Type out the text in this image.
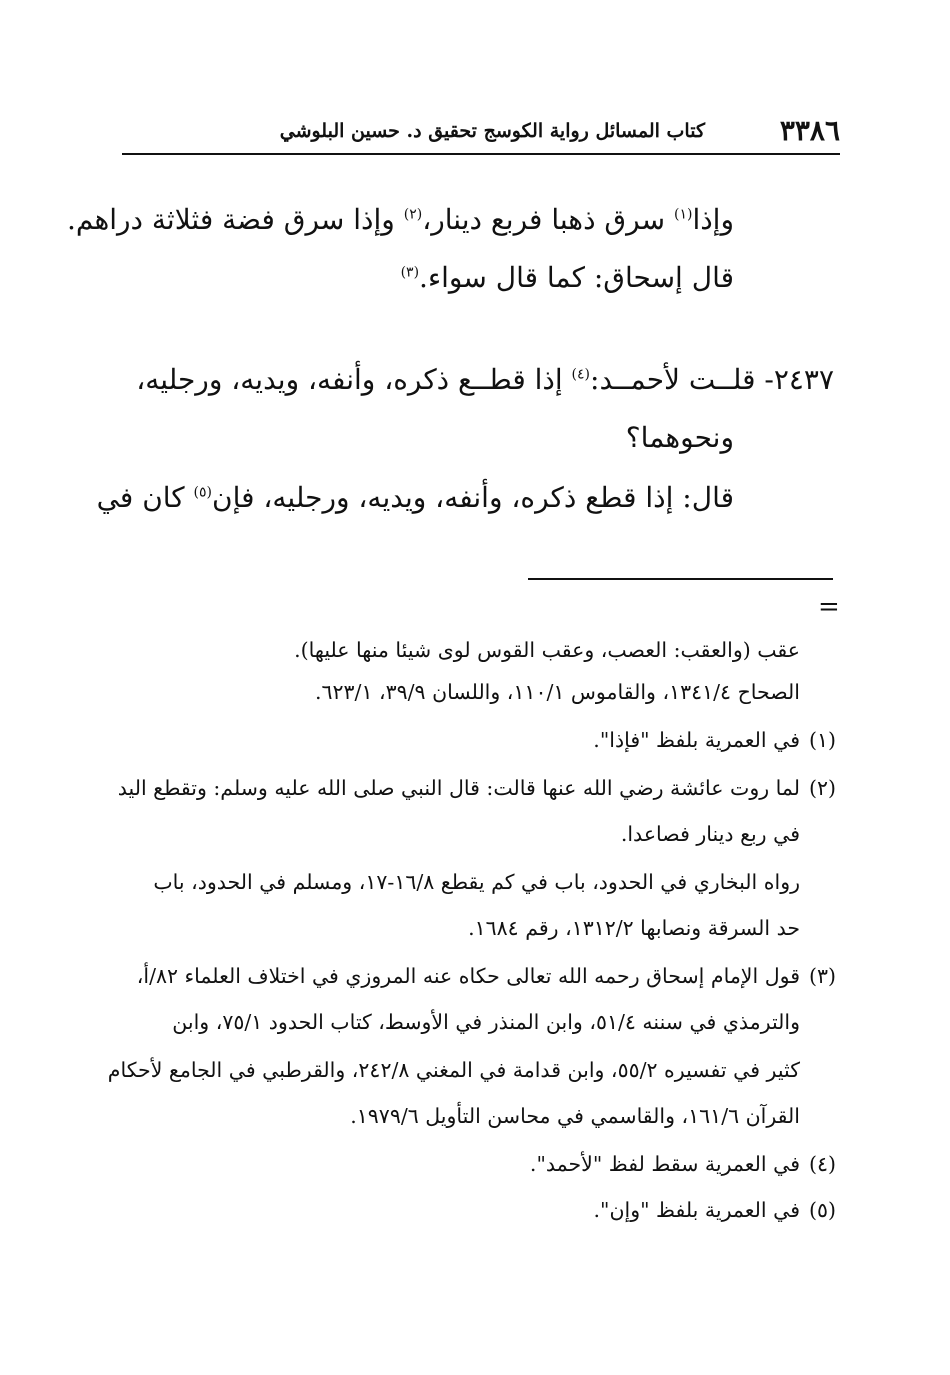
٣٣٨٦
كتاب المسائل رواية الكوسج تحقيق د. حسين البلوشي
وإذا$^{(١)}$ سرق ذهبا فربع دينار،$^{(٢)}$ وإذا سرق فضة فثلاثة دراهم.
قال إسحاق: كما قال سواء.$^{(٣)}$
٢٤٣٧- قلــت لأحمــد:$^{(٤)}$ إذا قطــع ذكره، وأنفه، ويديه، ورجليه،
ونحوهما؟
قال: إذا قطع ذكره، وأنفه، ويديه، ورجليه، فإن$^{(٥)}$ كان في
=
عقب (والعقب: العصب، وعقب القوس لوى شيئا منها عليها).
الصحاح ١٣٤١/٤، والقاموس ١١٠/١، واللسان ٣٩/٩، ٦٢٣/١.
(١)في العمرية بلفظ "فإذا".
(٢)لما روت عائشة رضي الله عنها قالت: قال النبي صلى الله عليه وسلم: وتقطع اليد
في ربع دينار فصاعدا.
رواه البخاري في الحدود، باب في كم يقطع ١٦/٨-١٧، ومسلم في الحدود، باب
حد السرقة ونصابها ١٣١٢/٢، رقم ١٦٨٤.
(٣)قول الإمام إسحاق رحمه الله تعالى حكاه عنه المروزي في اختلاف العلماء ٨٢/أ،
والترمذي في سننه ٥١/٤، وابن المنذر في الأوسط، كتاب الحدود ٧٥/١، وابن
كثير في تفسيره ٥٥/٢، وابن قدامة في المغني ٢٤٢/٨، والقرطبي في الجامع لأحكام
القرآن ١٦١/٦، والقاسمي في محاسن التأويل ١٩٧٩/٦.
(٤)في العمرية سقط لفظ "لأحمد".
(٥)في العمرية بلفظ "وإن".
